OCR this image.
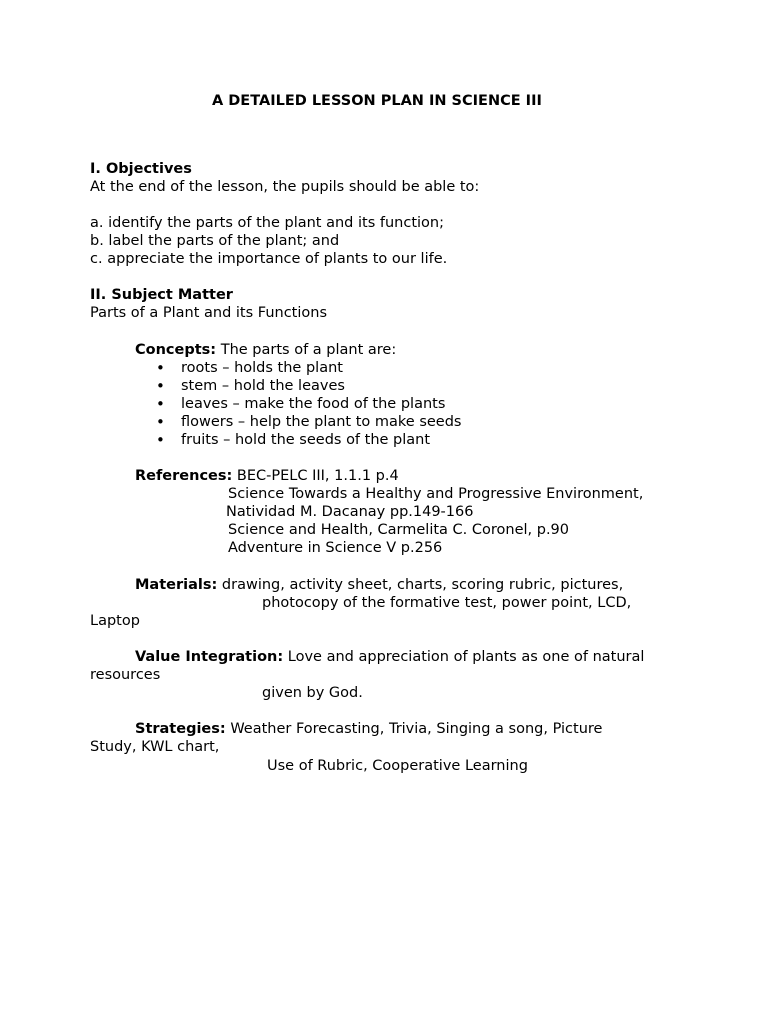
A DETAILED LESSON PLAN IN SCIENCE III
I. Objectives
At the end of the lesson, the pupils should be able to:
a. identify the parts of the plant and its function;
b. label the parts of the plant; and
c. appreciate the importance of plants to our life.
II. Subject Matter
Parts of a Plant and its Functions
Concepts: The parts of a plant are:
• roots – holds the plant
• stem – hold the leaves
• leaves – make the food of the plants
• flowers – help the plant to make seeds
• fruits – hold the seeds of the plant
References: BEC-PELC III, 1.1.1 p.4
Science Towards a Healthy and Progressive Environment,
Natividad M. Dacanay pp.149-166
Science and Health, Carmelita C. Coronel, p.90
Adventure in Science V p.256
Materials: drawing, activity sheet, charts, scoring rubric, pictures,
photocopy of the formative test, power point, LCD,
Laptop
Value Integration: Love and appreciation of plants as one of natural
resources
given by God.
Strategies: Weather Forecasting, Trivia, Singing a song, Picture
Study, KWL chart,
Use of Rubric, Cooperative Learning
